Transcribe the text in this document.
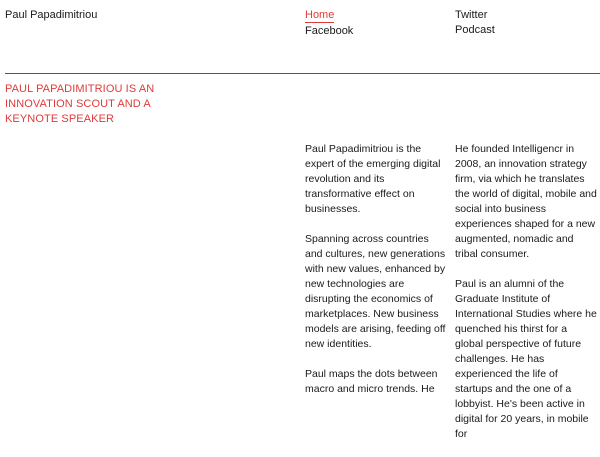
Paul Papadimitriou	Home
Facebook
Twitter
Podcast
PAUL PAPADIMITRIOU IS AN INNOVATION SCOUT AND A KEYNOTE SPEAKER

Paul Papadimitriou is the expert of the emerging digital revolution and its transformative effect on businesses.

Spanning across countries and cultures, new generations with new values, enhanced by new technologies are disrupting the economics of marketplaces. New business models are arising, feeding off new identities.

Paul maps the dots between macro and micro trends. He

He founded Intelligencr in 2008, an innovation strategy firm, via which he translates the world of digital, mobile and social into business experiences shaped for a new augmented, nomadic and tribal consumer.

Paul is an alumni of the Graduate Institute of International Studies where he quenched his thirst for a global perspective of future challenges. He has experienced the life of startups and the one of a lobbyist. He's been active in digital for 20 years, in mobile for
